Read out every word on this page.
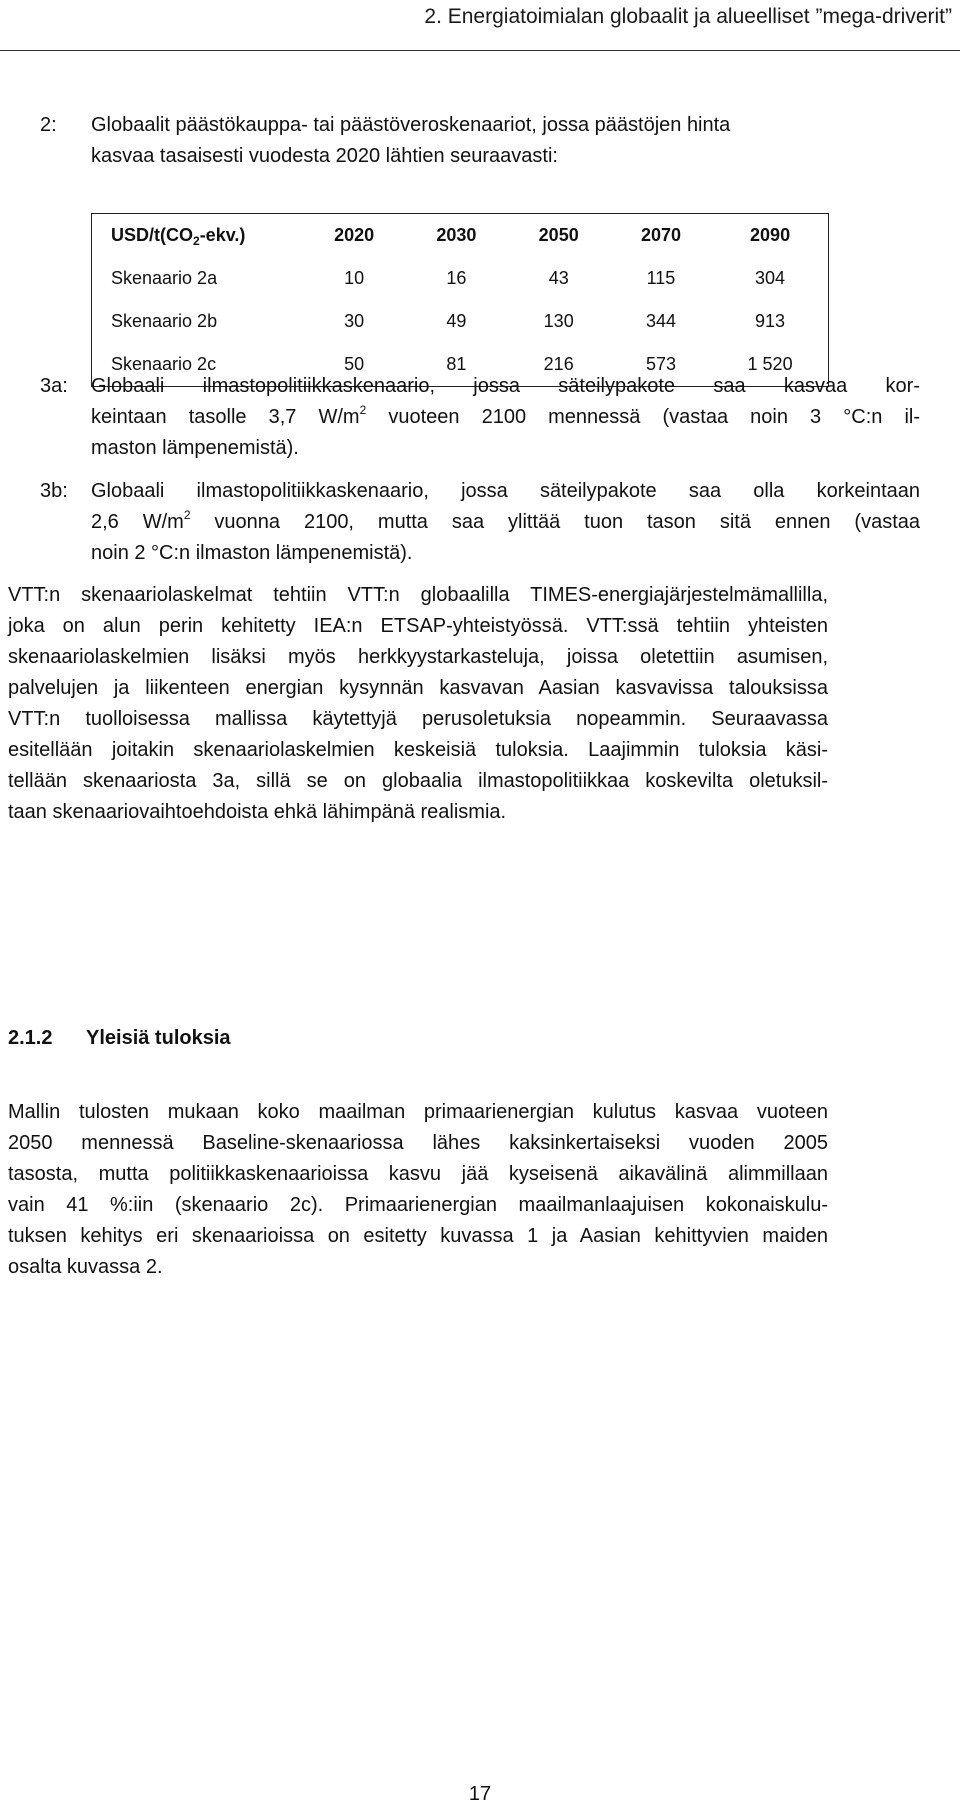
2. Energiatoimialan globaalit ja alueelliset ”mega-driverit”
2: Globaalit päästökauppa- tai päästöveroskenaariot, jossa päästöjen hinta
kasvaa tasaisesti vuodesta 2020 lähtien seuraavasti:
USD/$t(CO_2-ekv.)$	2020	2030	2050	2070	2090
Skenaario 2a	10	16	43	115	304
Skenaario 2b	30	49	130	344	913
Skenaario 2c	50	81	216	573	1 520
3a: Globaali ilmastopolitiikkaskenaario, jossa säteilypakote saa kasvaa kor-
keintaan tasolle 3,7 $W/m^2$ vuoteen 2100 mennessä (vastaa noin 3 °C:n il-
maston lämpenemistä).
3b: Globaali ilmastopolitiikkaskenaario, jossa säteilypakote saa olla korkeintaan
2,6 $W/m^2$ vuonna 2100, mutta saa ylittää tuon tason sitä ennen (vastaa
noin 2 °C:n ilmaston lämpenemistä).
VTT:n skenaariolaskelmat tehtiin VTT:n globaalilla TIMES-energiajärjestelmämallilla,
joka on alun perin kehitetty IEA:n ETSAP-yhteistyössä. VTT:ssä tehtiin yhteisten
skenaariolaskelmien lisäksi myös herkkyystarkasteluja, joissa oletettiin asumisen,
palvelujen ja liikenteen energian kysynnän kasvavan Aasian kasvavissa talouksissa
VTT:n tuolloisessa mallissa käytettyjä perusoletuksia nopeammin. Seuraavassa
esitellään joitakin skenaariolaskelmien keskeisiä tuloksia. Laajimmin tuloksia käsi-
tellään skenaariosta 3a, sillä se on globaalia ilmastopolitiikkaa koskevilta oletuksil-
taan skenaariovaihtoehdoista ehkä lähimpänä realismia.
2.1.2 Yleisiä tuloksia
Mallin tulosten mukaan koko maailman primaarienergian kulutus kasvaa vuoteen
2050 mennessä Baseline-skenaariossa lähes kaksinkertaiseksi vuoden 2005
tasosta, mutta politiikkaskenaarioissa kasvu jää kyseisenä aikavälinä alimmillaan
vain 41 %:iin (skenaario 2c). Primaarienergian maailmanlaajuisen kokonaiskulu-
tuksen kehitys eri skenaarioissa on esitetty kuvassa 1 ja Aasian kehittyvien maiden
osalta kuvassa 2.
17
